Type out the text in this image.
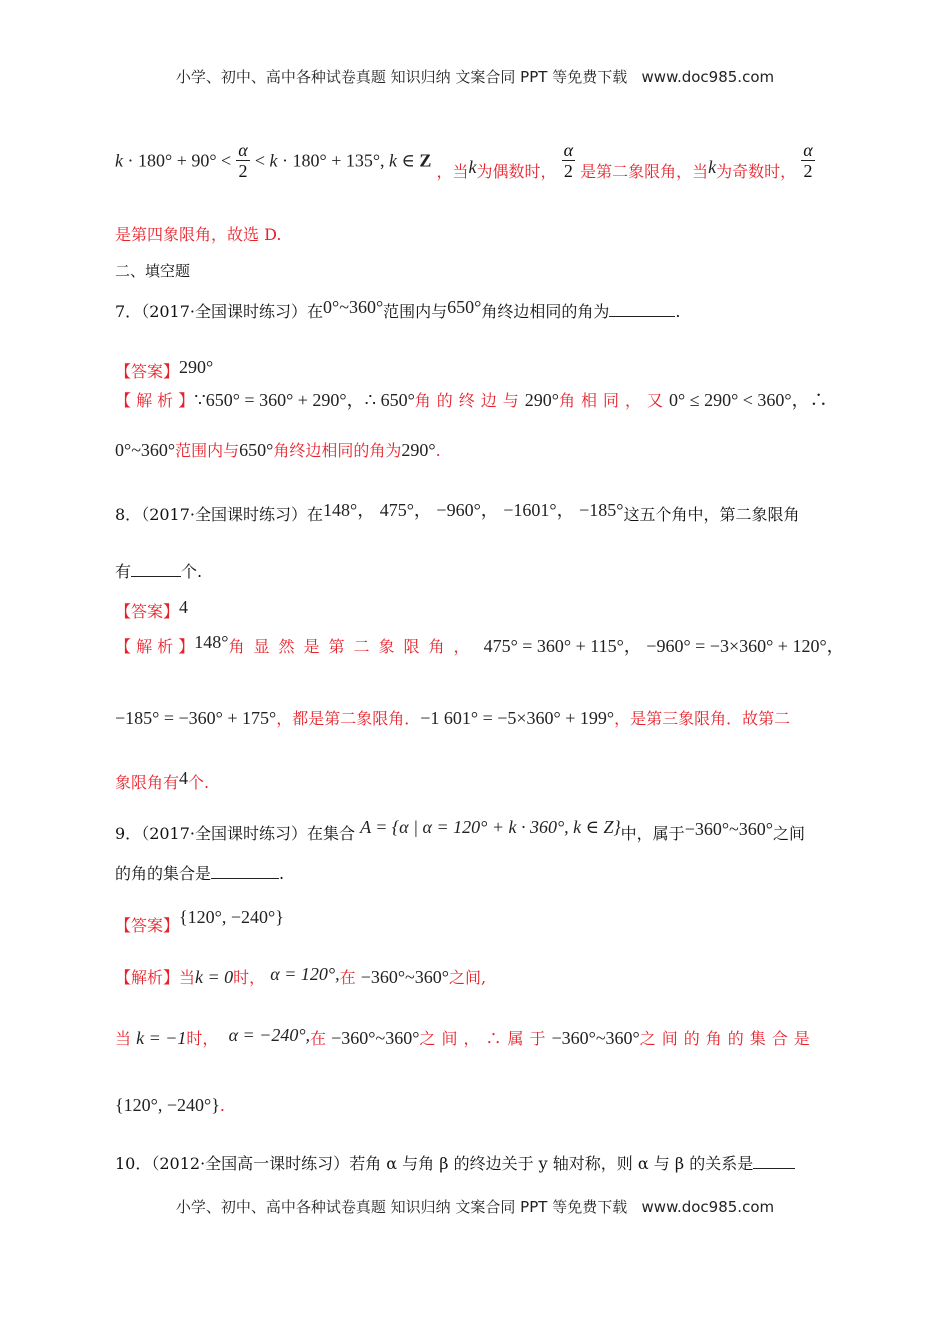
小学、初中、高中各种试卷真题 知识归纳 文案合同 PPT 等免费下载 www.doc985.com
$k \cdot 180^\circ + 90^\circ < \frac{\alpha}{2} < k \cdot 180^\circ + 135^\circ$, k ∈ Z ，当k为偶数时， $\frac{\alpha}{2}$ 是第二象限角，当k为奇数时， $\frac{\alpha}{2}$
是第四象限角，故选 D.
二、填空题
7．（2017·全国课时练习）在0°~360°范围内与650°角终边相同的角为	.
【答案】290°
【 解 析 】∵650° = 360° + 290°，∴ 650°角的终边与290°角相同，又0° ≤ 290° < 360°，∴
0°~360°范围内与650°角终边相同的角为290°.
8．（2017·全国课时练习）在148°， 475°， −960°， −1601°， −185°这五个角中，第二象限角
有	个.
【答案】4
【 解 析 】148°角显然是第二象限角， 475° = 360° + 115°， −960° = −3×360° + 120°，
−185° = −360° + 175°，都是第二象限角．−1 601° = −5×360° + 199°，是第三象限角．故第二
象限角有4个.
9．（2017·全国课时练习）在集合 A = {α | α = 120° + k · 360°, k ∈ Z}中，属于−360°~360°之间
的角的集合是	.
【答案】{120°, −240°}
【解析】当k = 0时， α = 120°,在 −360°~360°之间,
当 k = −1时， α = −240°,在 −360°~360°之间，∴属于−360°~360°之间的角的集合是
{120°, −240°}.
10．（2012·全国高一课时练习）若角 α 与角 β 的终边关于 y 轴对称，则 α 与 β 的关系是
小学、初中、高中各种试卷真题 知识归纳 文案合同 PPT 等免费下载 www.doc985.com
